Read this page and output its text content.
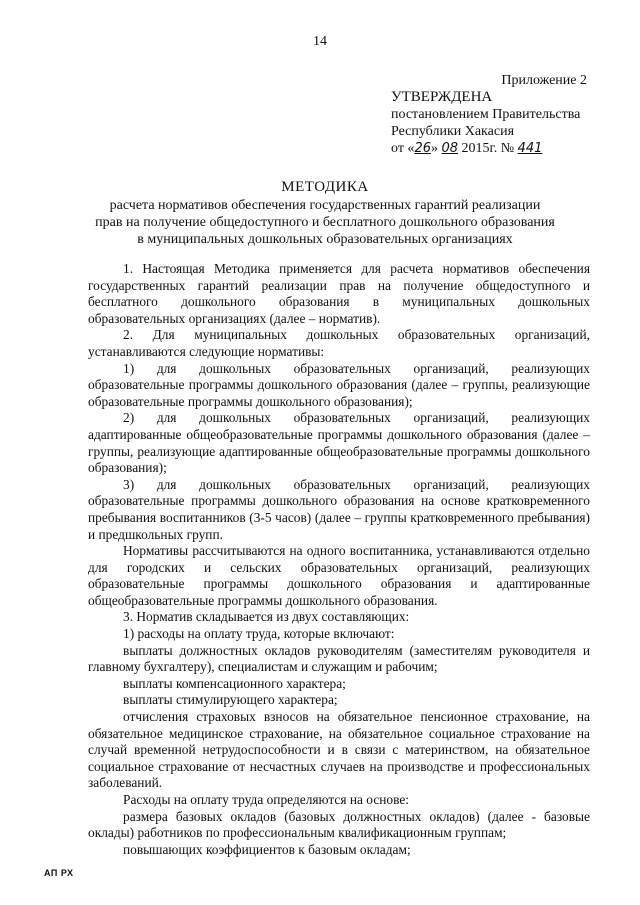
14
Приложение 2
УТВЕРЖДЕНА
постановлением Правительства
Республики Хакасия
от «26» 08 2015г. № 441
МЕТОДИКА
расчета нормативов обеспечения государственных гарантий реализации
прав на получение общедоступного и бесплатного дошкольного образования
в муниципальных дошкольных образовательных организациях

1. Настоящая Методика применяется для расчета нормативов обеспечения государственных гарантий реализации прав на получение общедоступного и бесплатного дошкольного образования в муниципальных дошкольных образовательных организациях (далее – норматив).

2. Для муниципальных дошкольных образовательных организаций, устанавливаются следующие нормативы:

1) для дошкольных образовательных организаций, реализующих образовательные программы дошкольного образования (далее – группы, реализующие образовательные программы дошкольного образования);

2) для дошкольных образовательных организаций, реализующих адаптированные общеобразовательные программы дошкольного образования (далее – группы, реализующие адаптированные общеобразовательные программы дошкольного образования);

3) для дошкольных образовательных организаций, реализующих образовательные программы дошкольного образования на основе кратковременного пребывания воспитанников (3-5 часов) (далее – группы кратковременного пребывания) и предшкольных групп.

Нормативы рассчитываются на одного воспитанника, устанавливаются отдельно для городских и сельских образовательных организаций, реализующих образовательные программы дошкольного образования и адаптированные общеобразовательные программы дошкольного образования.

3. Норматив складывается из двух составляющих:

1) расходы на оплату труда, которые включают:

выплаты должностных окладов руководителям (заместителям руководителя и главному бухгалтеру), специалистам и служащим и рабочим;

выплаты компенсационного характера;

выплаты стимулирующего характера;

отчисления страховых взносов на обязательное пенсионное страхование, на обязательное медицинское страхование, на обязательное социальное страхование на случай временной нетрудоспособности и в связи с материнством, на обязательное социальное страхование от несчастных случаев на производстве и профессиональных заболеваний.

Расходы на оплату труда определяются на основе:

размера базовых окладов (базовых должностных окладов) (далее - базовые оклады) работников по профессиональным квалификационным группам;

повышающих коэффициентов к базовым окладам;

АП РХ
